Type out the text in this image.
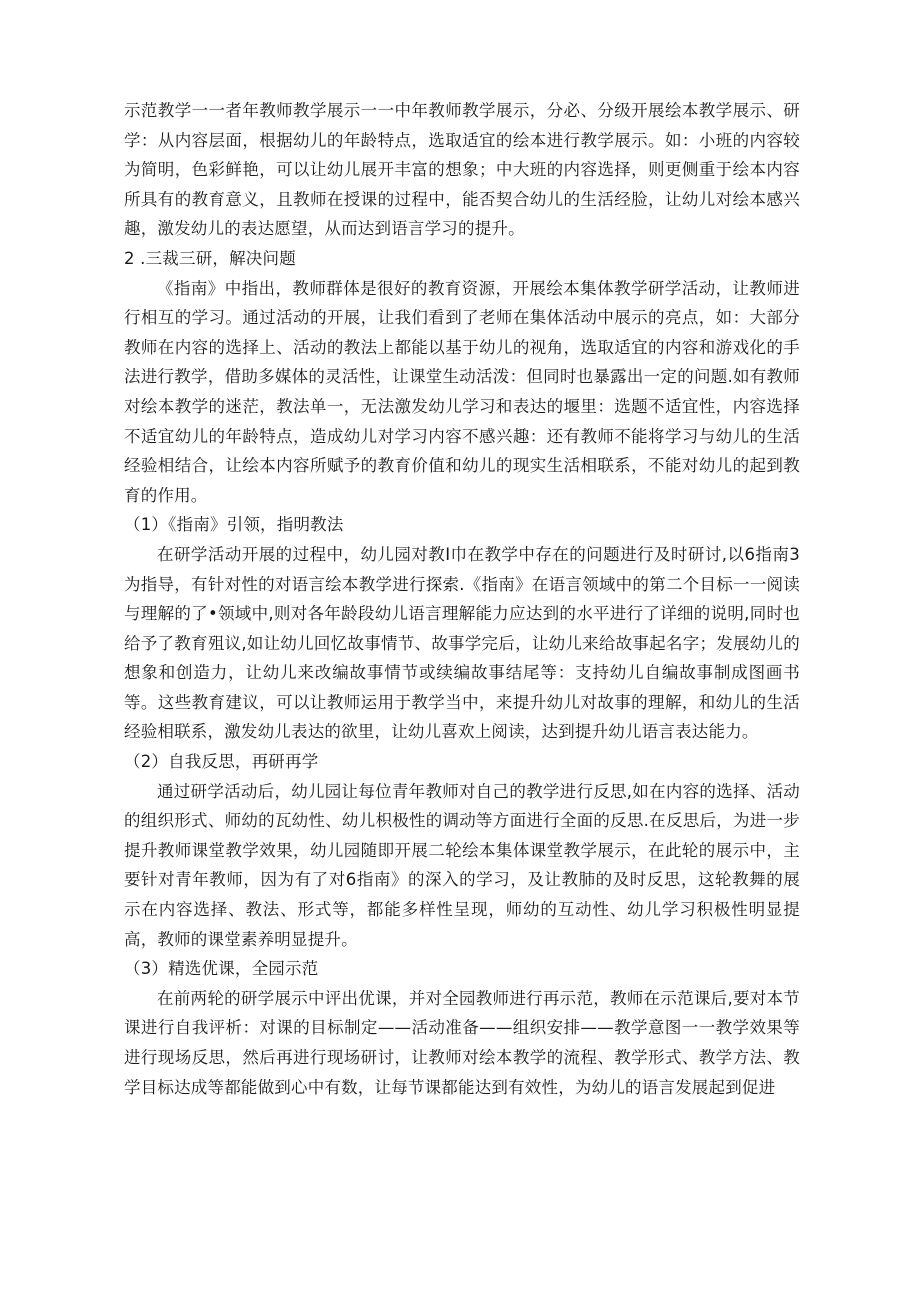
示范教学一一者年教师教学展示一一中年教师教学展示，分必、分级开展绘本教学展示、研学：从内容层面，根据幼儿的年龄特点，选取适宜的绘本进行教学展示。如：小班的内容较为简明，色彩鲜艳，可以让幼儿展开丰富的想象；中大班的内容选择，则更侧重于绘本内容所具有的教育意义，且教师在授课的过程中，能否契合幼儿的生活经脸，让幼儿对绘本感兴趣，激发幼儿的表达愿望，从而达到语言学习的提升。

2 .三裁三研，解决问题

《指南》中指出，教师群体是很好的教育资源，开展绘本集体教学研学活动，让教师进行相互的学习。通过活动的开展，让我们看到了老师在集体活动中展示的亮点，如：大部分教师在内容的选择上、活动的教法上都能以基于幼儿的视角，选取适宜的内容和游戏化的手法进行教学，借助多媒体的灵活性，让课堂生动活泼：但同时也暴露出一定的问题.如有教师对绘本教学的迷茫，教法单一，无法激发幼儿学习和表达的堰里：选题不适宜性，内容选择不适宜幼儿的年龄特点，造成幼儿对学习内容不感兴趣：还有教师不能将学习与幼儿的生活经验相结合，让绘本内容所赋予的教育价值和幼儿的现实生活相联系，不能对幼儿的起到教育的作用。

（1）《指南》引领，指明教法

在研学活动开展的过程中，幼儿园对教I巾在教学中存在的问题进行及时研讨,以6指南3为指导，有针对性的对语言绘本教学进行探索.《指南》在语言领域中的第二个目标一一阅读与理解的了•领域中,则对各年龄段幼儿语言理解能力应达到的水平进行了详细的说明,同时也给予了教育殂议,如让幼儿回忆故事情节、故事学完后，让幼儿来给故事起名字；发展幼儿的想象和创造力，让幼儿来改编故事情节或续编故事结尾等：支持幼儿自编故事制成图画书等。这些教育建议，可以让教师运用于教学当中，来提升幼儿对故事的理解，和幼儿的生活经验相联系，激发幼儿表达的欲里，让幼儿喜欢上阅读，达到提升幼儿语言表达能力。

（2）自我反思，再研再学

通过研学活动后，幼儿园让每位青年教师对自己的教学进行反思,如在内容的选择、活动的组织形式、师幼的瓦幼性、幼儿枳极性的调动等方面进行全面的反思.在反思后，为进一步提升教师课堂教学效果，幼儿园随即开展二轮绘本集体课堂教学展示，在此轮的展示中，主要针对青年教师，因为有了对6指南》的深入的学习，及让教肺的及时反思，这轮教舞的展示在内容选择、教法、形式等，都能多样性呈现，师幼的互动性、幼儿学习积极性明显提高，教师的课堂素养明显提升。

（3）精选优课，全园示范

在前两轮的研学展示中评出优课，并对全园教师进行再示范，教师在示范课后,要对本节课进行自我评析：对课的目标制定——活动准备——组织安排——教学意图一一教学效果等进行现场反思，然后再进行现场研讨，让教师对绘本教学的流程、教学形式、教学方法、教学目标达成等都能做到心中有数，让每节课都能达到有效性，为幼儿的语言发展起到促进
